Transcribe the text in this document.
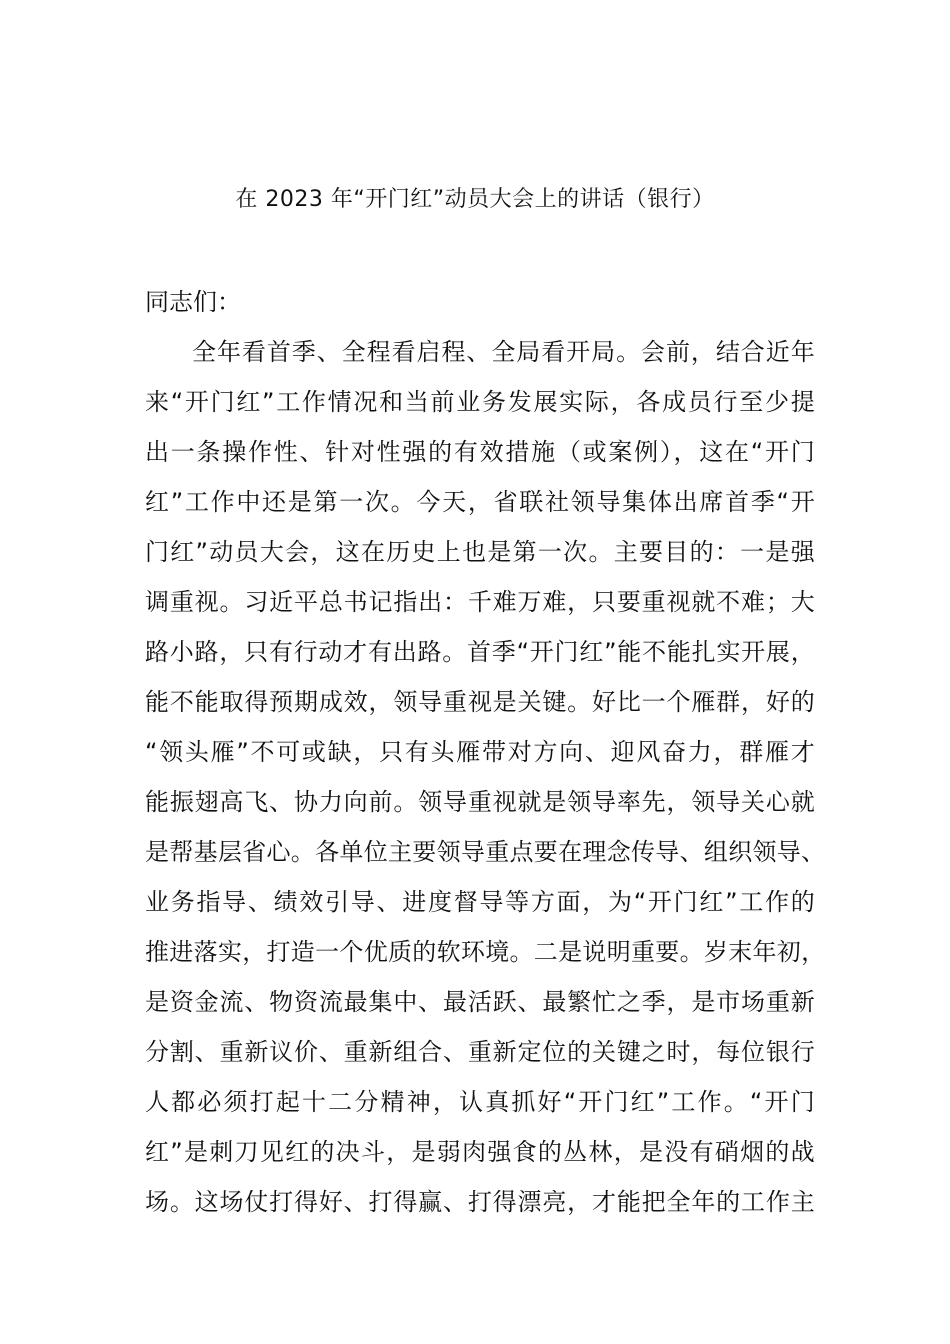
在 2023 年“开门红”动员大会上的讲话（银行）
同志们：
全年看首季、全程看启程、全局看开局。会前，结合近年
来“开门红”工作情况和当前业务发展实际，各成员行至少提
出一条操作性、针对性强的有效措施（或案例），这在“开门
红”工作中还是第一次。今天，省联社领导集体出席首季“开
门红”动员大会，这在历史上也是第一次。主要目的：一是强
调重视。习近平总书记指出：千难万难，只要重视就不难；大
路小路，只有行动才有出路。首季“开门红”能不能扎实开展，
能不能取得预期成效，领导重视是关键。好比一个雁群，好的
“领头雁”不可或缺，只有头雁带对方向、迎风奋力，群雁才
能振翅高飞、协力向前。领导重视就是领导率先，领导关心就
是帮基层省心。各单位主要领导重点要在理念传导、组织领导、
业务指导、绩效引导、进度督导等方面，为“开门红”工作的
推进落实，打造一个优质的软环境。二是说明重要。岁末年初，
是资金流、物资流最集中、最活跃、最繁忙之季，是市场重新
分割、重新议价、重新组合、重新定位的关键之时，每位银行
人都必须打起十二分精神，认真抓好“开门红”工作。“开门
红”是刺刀见红的决斗，是弱肉强食的丛林，是没有硝烟的战
场。这场仗打得好、打得赢、打得漂亮，才能把全年的工作主
